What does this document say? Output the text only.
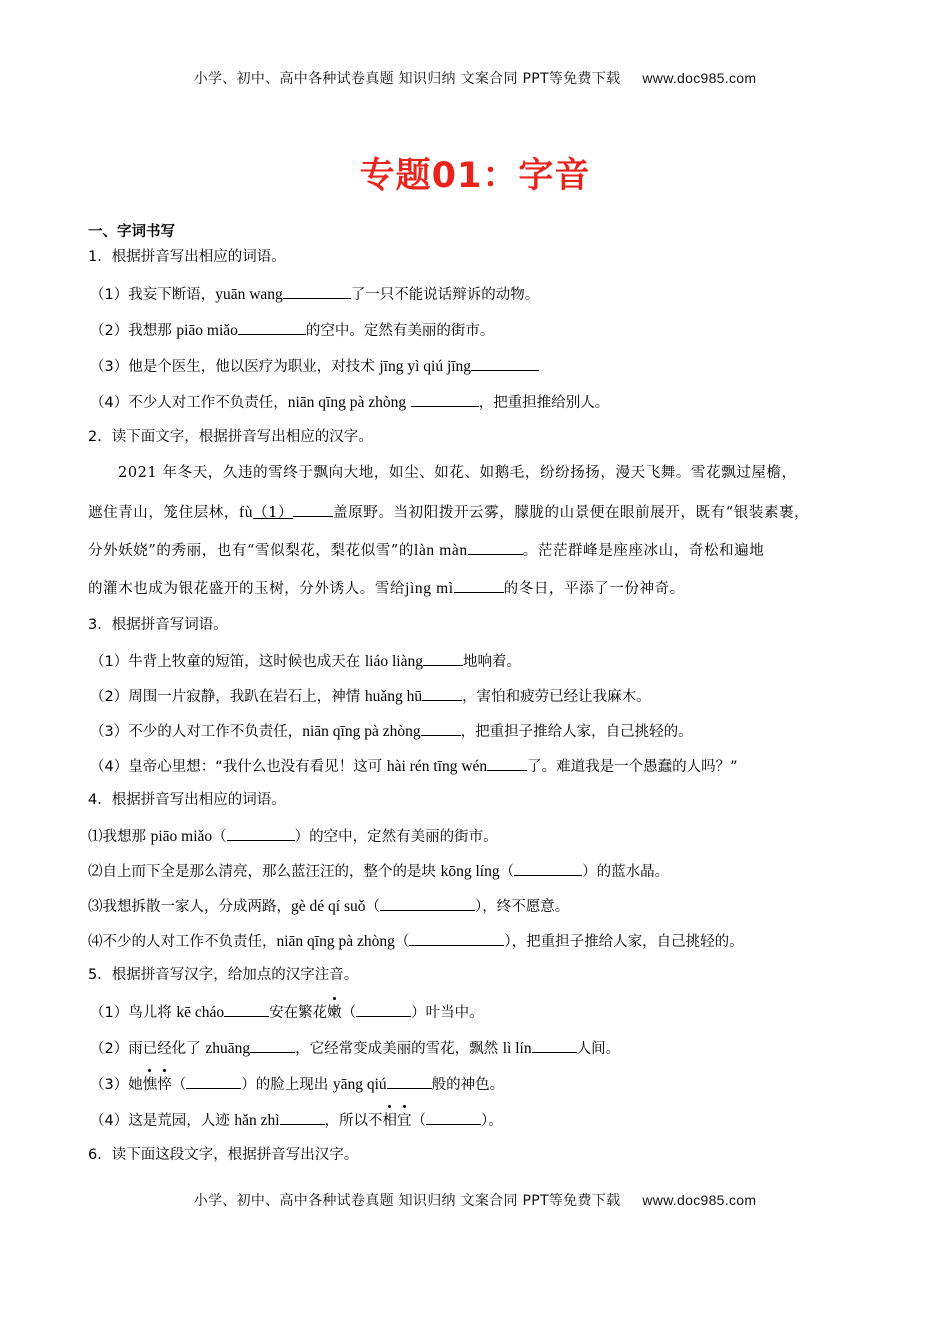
小学、初中、高中各种试卷真题 知识归纳 文案合同 PPT等免费下载 www.doc985.com
专题01：字音
一、字词书写
1．根据拼音写出相应的词语。
（1）我妄下断语，yuān wang	了一只不能说话辩诉的动物。
（2）我想那 piāo miǎo	的空中。定然有美丽的街市。
（3）他是个医生，他以医疗为职业，对技术 jīng yì qiú jīng
（4）不少人对工作不负责任，niān qīng pà zhòng	，把重担推给别人。
2．读下面文字，根据拼音写出相应的汉字。
2021 年冬天，久违的雪终于飘向大地，如尘、如花、如鹅毛，纷纷扬扬，漫天飞舞。雪花飘过屋檐，
遮住青山，笼住层林，fù（1）	盖原野。当初阳拨开云雾，朦胧的山景便在眼前展开，既有“银装素裹，
分外妖娆”的秀丽，也有“雪似梨花，梨花似雪”的làn màn	。茫茫群峰是座座冰山，奇松和遍地
的灌木也成为银花盛开的玉树，分外诱人。雪给jìng mì	的冬日，平添了一份神奇。
3．根据拼音写词语。
（1）牛背上牧童的短笛，这时候也成天在 liáo liàng	地响着。
（2）周围一片寂静，我趴在岩石上，神情 huǎng hū	，害怕和疲劳已经让我麻木。
（3）不少的人对工作不负责任，niān qīng pà zhòng	，把重担子推给人家，自己挑轻的。
（4）皇帝心里想：“我什么也没有看见！这可 hài rén tīng wén	了。难道我是一个愚蠢的人吗？”
4．根据拼音写出相应的词语。
⑴我想那 piāo miǎo（	）的空中，定然有美丽的街市。
⑵自上而下全是那么清亮，那么蓝汪汪的，整个的是块 kōng líng（	）的蓝水晶。
⑶我想拆散一家人，分成两路，gè dé qí suǒ（	），终不愿意。
⑷不少的人对工作不负责任，niān qīng pà zhòng（	），把重担子推给人家，自己挑轻的。
5．根据拼音写汉字，给加点的汉字注音。
（1）鸟儿将 kē cháo	安在繁花嫩（	）叶当中。
（2）雨已经化了 zhuāng	，它经常变成美丽的雪花，飘然 lì lín	人间。
（3）她憔悴（	）的脸上现出 yāng qiú	般的神色。
（4）这是荒园，人迹 hǎn zhì	，所以不相宜（	）。
6．读下面这段文字，根据拼音写出汉字。
小学、初中、高中各种试卷真题 知识归纳 文案合同 PPT等免费下载 www.doc985.com
